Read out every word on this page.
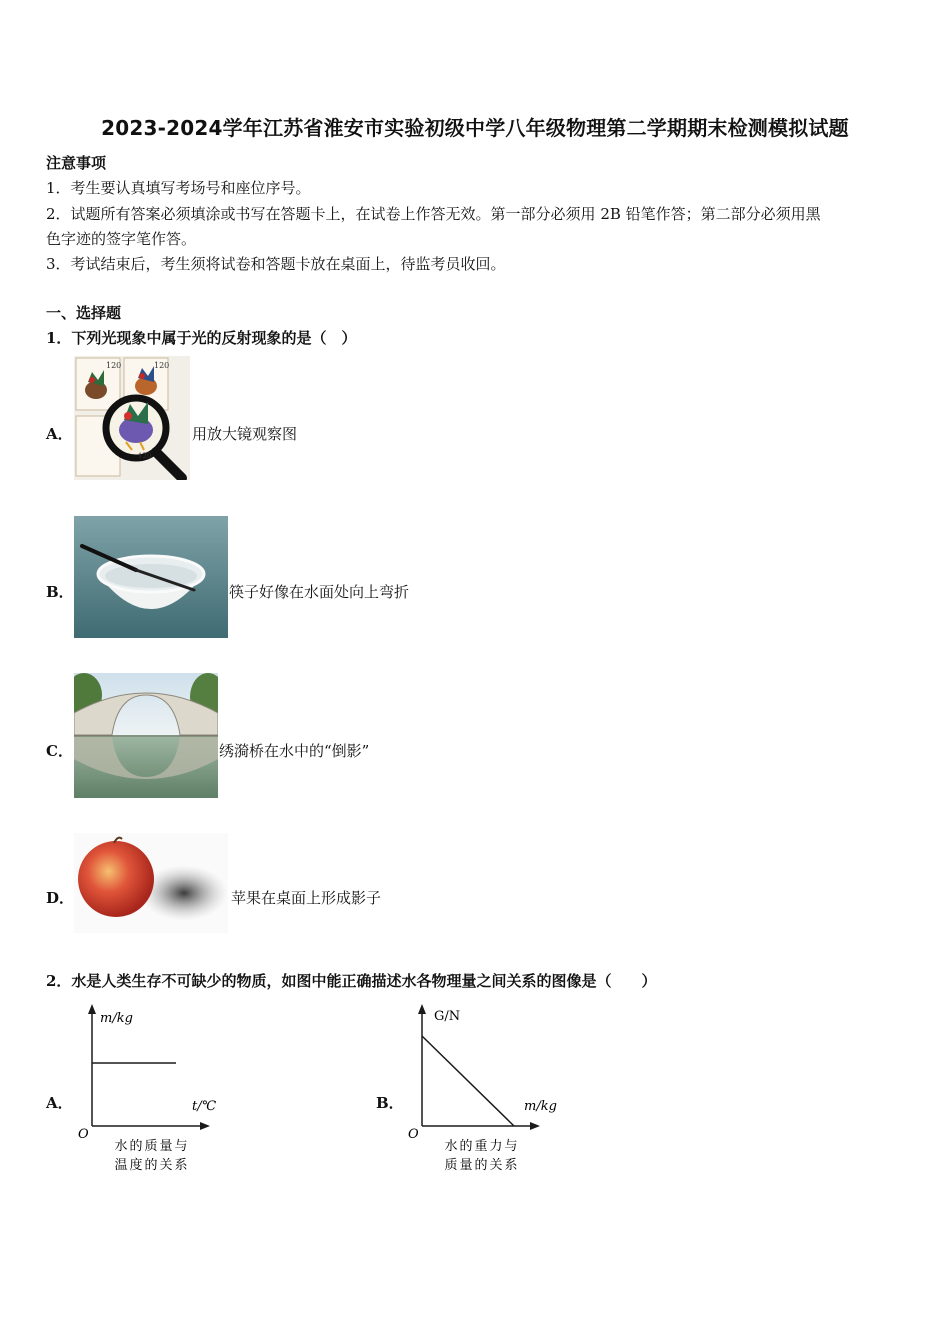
2023-2024学年江苏省淮安市实验初级中学八年级物理第二学期期末检测模拟试题
注意事项
1．考生要认真填写考场号和座位序号。
2．试题所有答案必须填涂或书写在答题卡上，在试卷上作答无效。第一部分必须用 2B 铅笔作答；第二部分必须用黑
色字迹的签字笔作答。
3．考试结束后，考生须将试卷和答题卡放在桌面上，待监考员收回。
一、选择题
1．下列光现象中属于光的反射现象的是（　）
A．
120	120
120
用放大镜观察图
B．	筷子好像在水面处向上弯折
C．	绣漪桥在水中的“倒影”
D．	苹果在桌面上形成影子
2．水是人类生存不可缺少的物质，如图中能正确描述水各物理量之间关系的图像是（　　）
A．
m/kg
t/℃
O
水的质量与
温度的关系
B．
G/N
m/kg
O
水的重力与
质量的关系
